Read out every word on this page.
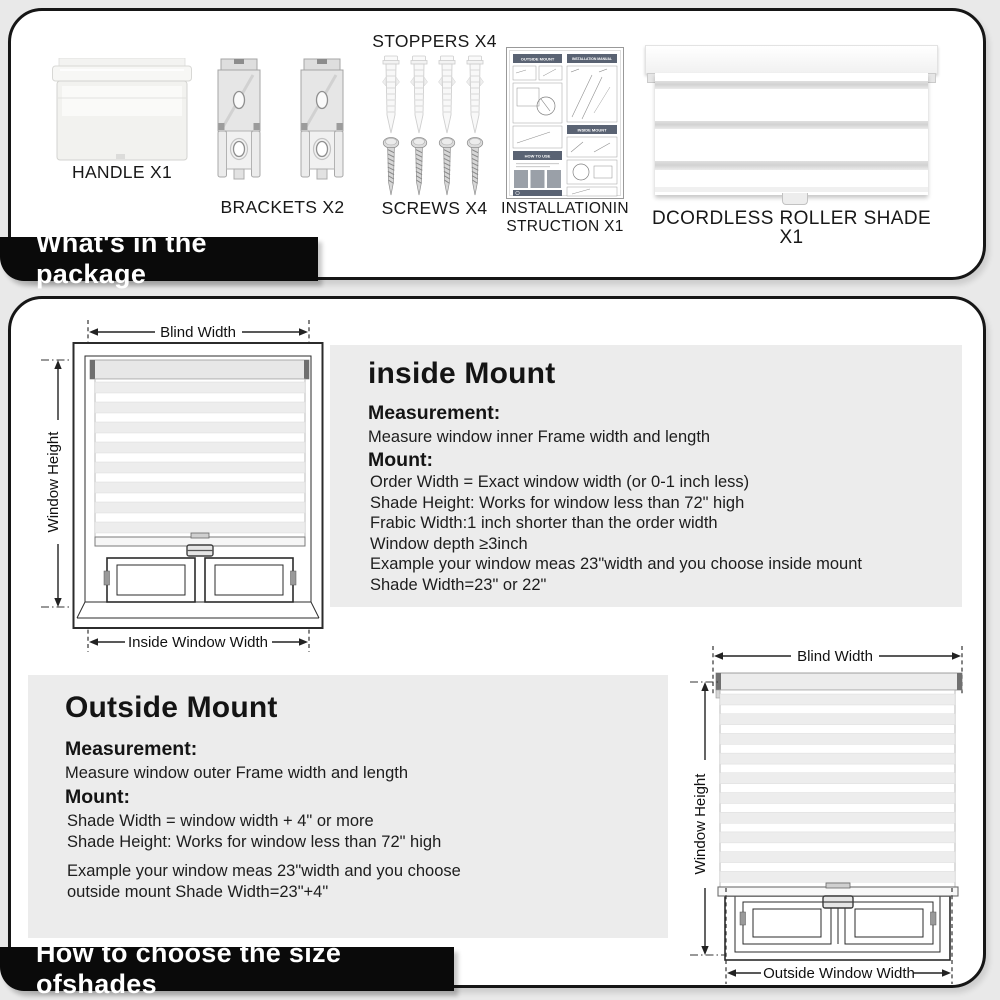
HANDLE X1
BRACKETS X2
STOPPERS X4
SCREWS X4
OUTSIDE MOUNT
HOW TO USE
INSTALLATION MANUAL
INSIDE MOUNT
INSTALLATIONIN
STRUCTION X1	DCORDLESS ROLLER SHADE X1
What's in the package
Blind Width
Window Height
Inside Window Width
inside Mount
Measurement:
Measure window inner Frame width and length
Mount:
Order Width = Exact window width (or 0-1 inch less)
Shade Height: Works for window less than 72" high
Frabic Width:1 inch shorter than the order width
Window depth ≥3inch
Example your window meas 23"width and you choose inside mount
Shade Width=23" or 22"
Outside Mount
Measurement:
Measure window outer Frame width and length
Mount:
Shade Width = window width + 4" or more
Shade Height: Works for window less than 72" high
Example your window meas 23"width and you choose
outside mount Shade Width=23"+4"
Blind Width
Window Height
Outside Window Width
How to choose the size ofshades
